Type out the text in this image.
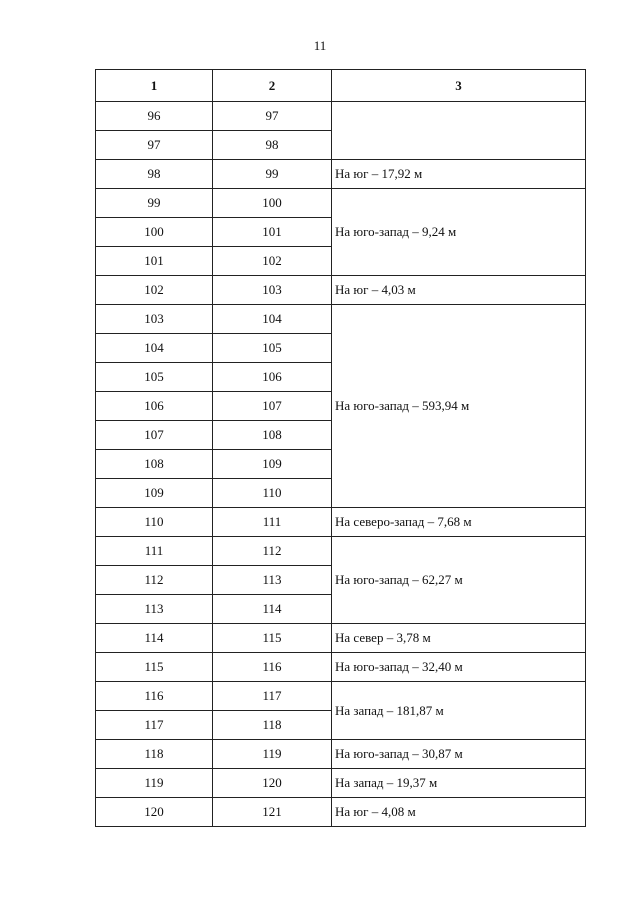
11
1	2	3
96	97	
97	98	
98	99	На юг – 17,92 м
99	100	На юго-запад – 9,24 м
100	101	
101	102	
102	103	На юг – 4,03 м
103	104	На юго-запад – 593,94 м
104	105	
105	106	
106	107	
107	108	
108	109	
109	110	
110	111	На северо-запад – 7,68 м
111	112	На юго-запад – 62,27 м
112	113	
113	114	
114	115	На север – 3,78 м
115	116	На юго-запад – 32,40 м
116	117	На запад – 181,87 м
117	118	
118	119	На юго-запад – 30,87 м
119	120	На запад – 19,37 м
120	121	На юг – 4,08 м
